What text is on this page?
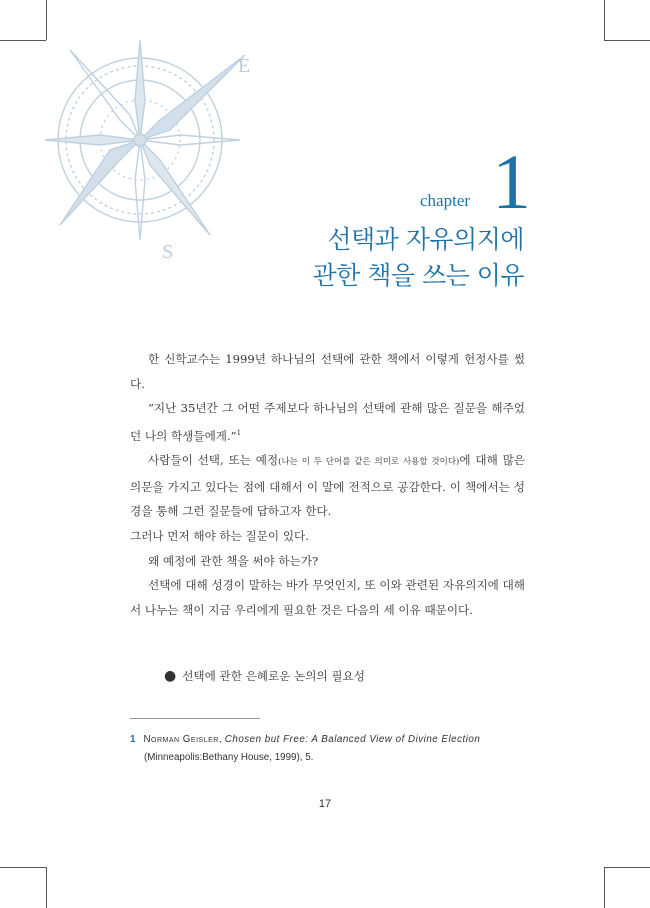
E
S
chapter 1
선택과 자유의지에
관한 책을 쓰는 이유

한 신학교수는 1999년 하나님의 선택에 관한 책에서 이렇게 헌정사를 썼다.

“지난 35년간 그 어떤 주제보다 하나님의 선택에 관해 많은 질문을 해주었던 나의 학생들에게.”$^1$

사람들이 선택, 또는 예정(나는 이 두 단어를 같은 의미로 사용할 것이다)에 대해 많은 의문을 가지고 있다는 점에 대해서 이 말에 전적으로 공감한다. 이 책에서는 성경을 통해 그런 질문들에 답하고자 한다.

그러나 먼저 해야 하는 질문이 있다.

왜 예정에 관한 책을 써야 하는가?

선택에 대해 성경이 말하는 바가 무엇인지, 또 이와 관련된 자유의지에 대해서 나누는 책이 지금 우리에게 필요한 것은 다음의 세 이유 때문이다.

● 선택에 관한 은혜로운 논의의 필요성
1 Norman Geisler, Chosen but Free: A Balanced View of Divine Election
(Minneapolis:Bethany House, 1999), 5.
17
